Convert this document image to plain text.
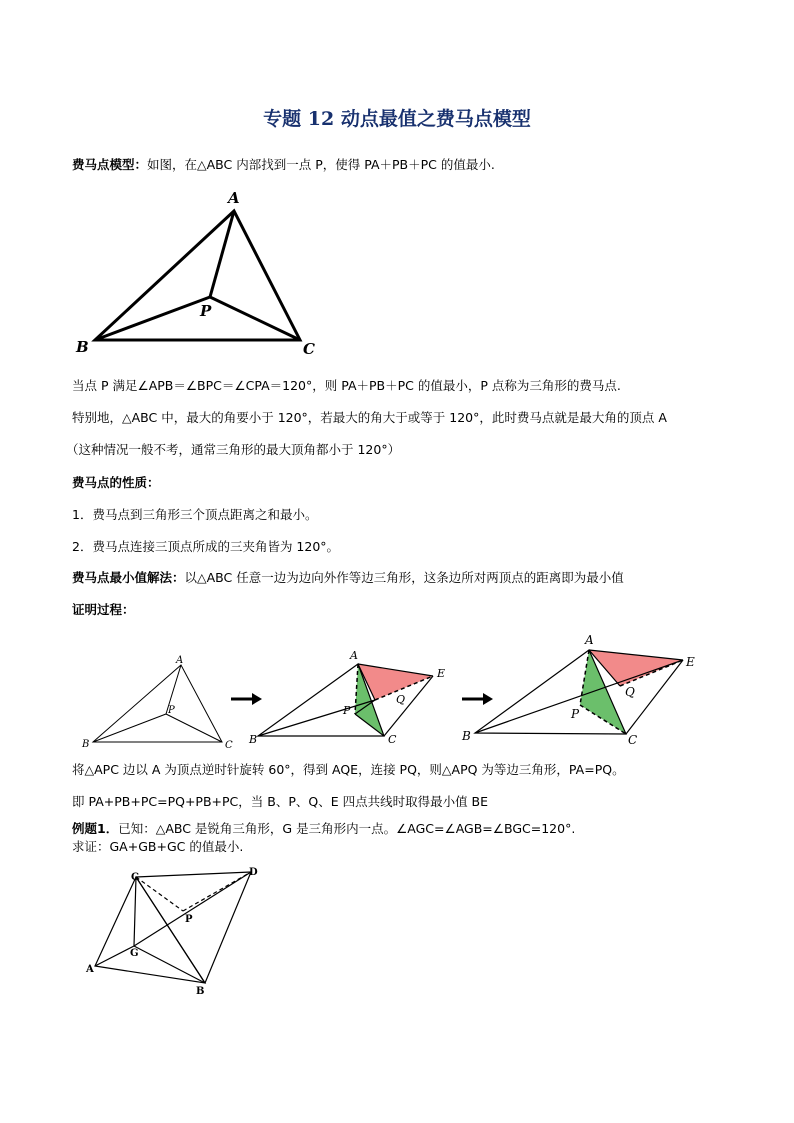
专题 12 动点最值之费马点模型
费马点模型：如图，在△ABC 内部找到一点 P，使得 PA＋PB＋PC 的值最小.
A
B	C
P
当点 P 满足∠APB＝∠BPC＝∠CPA＝120°，则 PA＋PB＋PC 的值最小，P 点称为三角形的费马点.
特别地，△ABC 中，最大的角要小于 120°，若最大的角大于或等于 120°，此时费马点就是最大角的顶点 A
（这种情况一般不考，通常三角形的最大顶角都小于 120°）
费马点的性质：
1．费马点到三角形三个顶点距离之和最小。
2．费马点连接三顶点所成的三夹角皆为 120°。
费马点最小值解法：以△ABC 任意一边为边向外作等边三角形，这条边所对两顶点的距离即为最小值
证明过程：
A
B	C
P
A
B	C
P
Q
E
A
B	C
P
Q
E
将△APC 边以 A 为顶点逆时针旋转 60°，得到 AQE，连接 PQ，则△APQ 为等边三角形，PA=PQ。
即 PA+PB+PC=PQ+PB+PC，当 B、P、Q、E 四点共线时取得最小值 BE
例题1．已知：△ABC 是锐角三角形，G 是三角形内一点。∠AGC=∠AGB=∠BGC=120°.
求证：GA+GB+GC 的值最小.
C	D
A
B
G
P
